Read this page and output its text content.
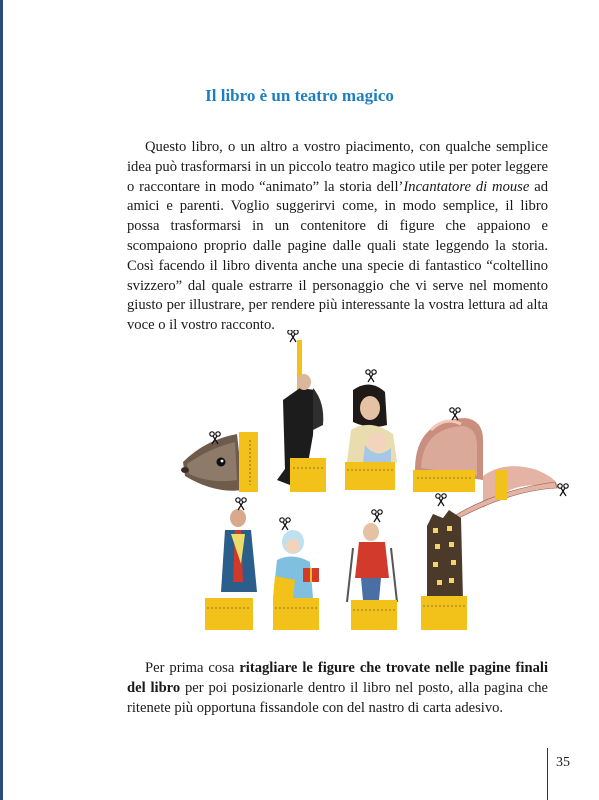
Il libro è un teatro magico

Questo libro, o un altro a vostro piacimento, con qualche semplice idea può trasformarsi in un piccolo teatro magico utile per poter leggere o raccontare in modo “animato” la storia dell’Incantatore di mouse ad amici e parenti. Voglio suggerirvi come, in modo semplice, il libro possa trasformarsi in un contenitore di figure che appaiono e scompaiono proprio dalle pagine dalle quali state leggendo la storia. Così facendo il libro diventa anche una specie di fantastico “coltellino svizzero” dal quale estrarre il personaggio che vi serve nel momento giusto per illustrare, per rendere più interessante la vostra lettura ad alta voce o il vostro racconto.

Per prima cosa ritagliare le figure che trovate nelle pagine finali del libro per poi posizionarle dentro il libro nel posto, alla pagina che ritenete più opportuna fissandole con del nastro di carta adesivo.

35
